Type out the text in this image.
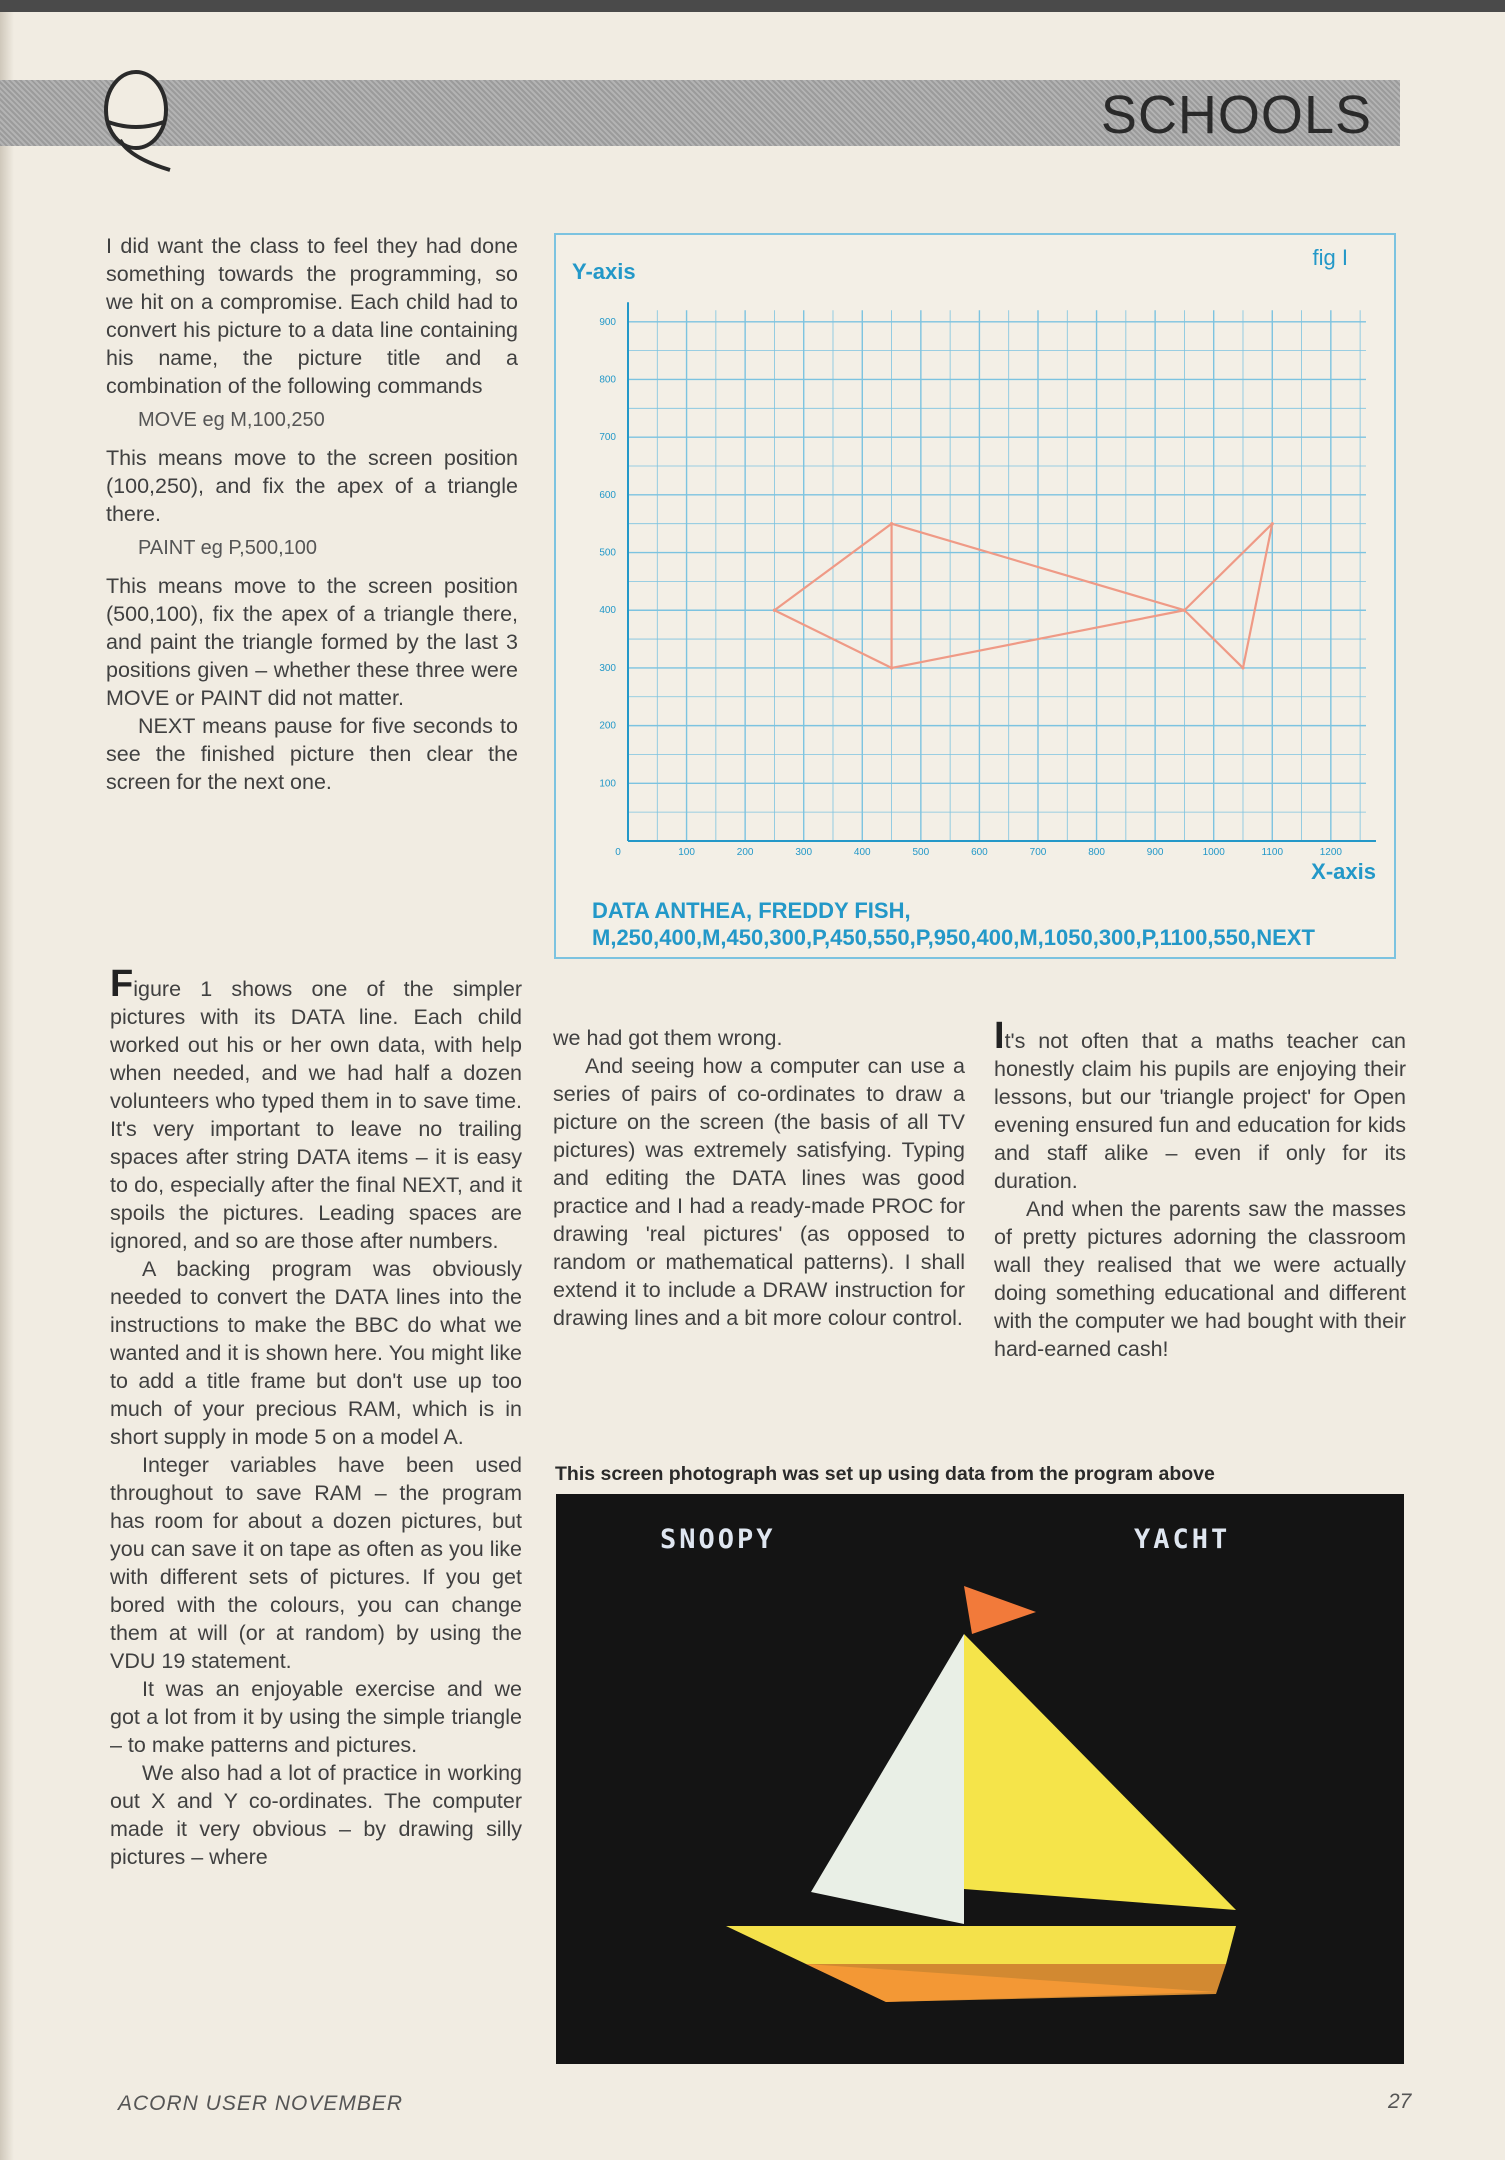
SCHOOLS

I did want the class to feel they had done something towards the programming, so we hit on a compromise. Each child had to convert his picture to a data line containing his name, the picture title and a combination of the following commands

MOVE eg M,100,250

This means move to the screen position (100,250), and fix the apex of a triangle there.

PAINT eg P,500,100

This means move to the screen position (500,100), fix the apex of a triangle there, and paint the triangle formed by the last 3 positions given – whether these three were MOVE or PAINT did not matter.

NEXT means pause for five seconds to see the finished picture then clear the screen for the next one.

Figure 1 shows one of the simpler pictures with its DATA line. Each child worked out his or her own data, with help when needed, and we had half a dozen volunteers who typed them in to save time. It's very important to leave no trailing spaces after string DATA items – it is easy to do, especially after the final NEXT, and it spoils the pictures. Leading spaces are ignored, and so are those after numbers.

A backing program was obviously needed to convert the DATA lines into the instructions to make the BBC do what we wanted and it is shown here. You might like to add a title frame but don't use up too much of your precious RAM, which is in short supply in mode 5 on a model A.

Integer variables have been used throughout to save RAM – the program has room for about a dozen pictures, but you can save it on tape as often as you like with different sets of pictures. If you get bored with the colours, you can change them at will (or at random) by using the VDU 19 statement.

It was an enjoyable exercise and we got a lot from it by using the simple triangle – to make patterns and pictures.

We also had a lot of practice in working out X and Y co-ordinates. The computer made it very obvious – by drawing silly pictures – where

0	100	200	300	400	500	600	700	800	900	1000	1100	1200
100
200
300
400
500
600
700
800
900
Y-axis
X-axis
fig I
DATA ANTHEA, FREDDY FISH, M,250,400,M,450,300,P,450,550,P,950,400,M,1050,300,P,1100,550,NEXT

we had got them wrong.

And seeing how a computer can use a series of pairs of co-ordinates to draw a picture on the screen (the basis of all TV pictures) was extremely satisfying. Typing and editing the DATA lines was good practice and I had a ready-made PROC for drawing 'real pictures' (as opposed to random or mathematical patterns). I shall extend it to include a DRAW instruction for drawing lines and a bit more colour control.

It's not often that a maths teacher can honestly claim his pupils are enjoying their lessons, but our 'triangle project' for Open evening ensured fun and education for kids and staff alike – even if only for its duration.

And when the parents saw the masses of pretty pictures adorning the classroom wall they realised that we were actually doing something educational and different with the computer we had bought with their hard-earned cash!

This screen photograph was set up using data from the program above
SNOOPY	YACHT
ACORN USER NOVEMBER	27
